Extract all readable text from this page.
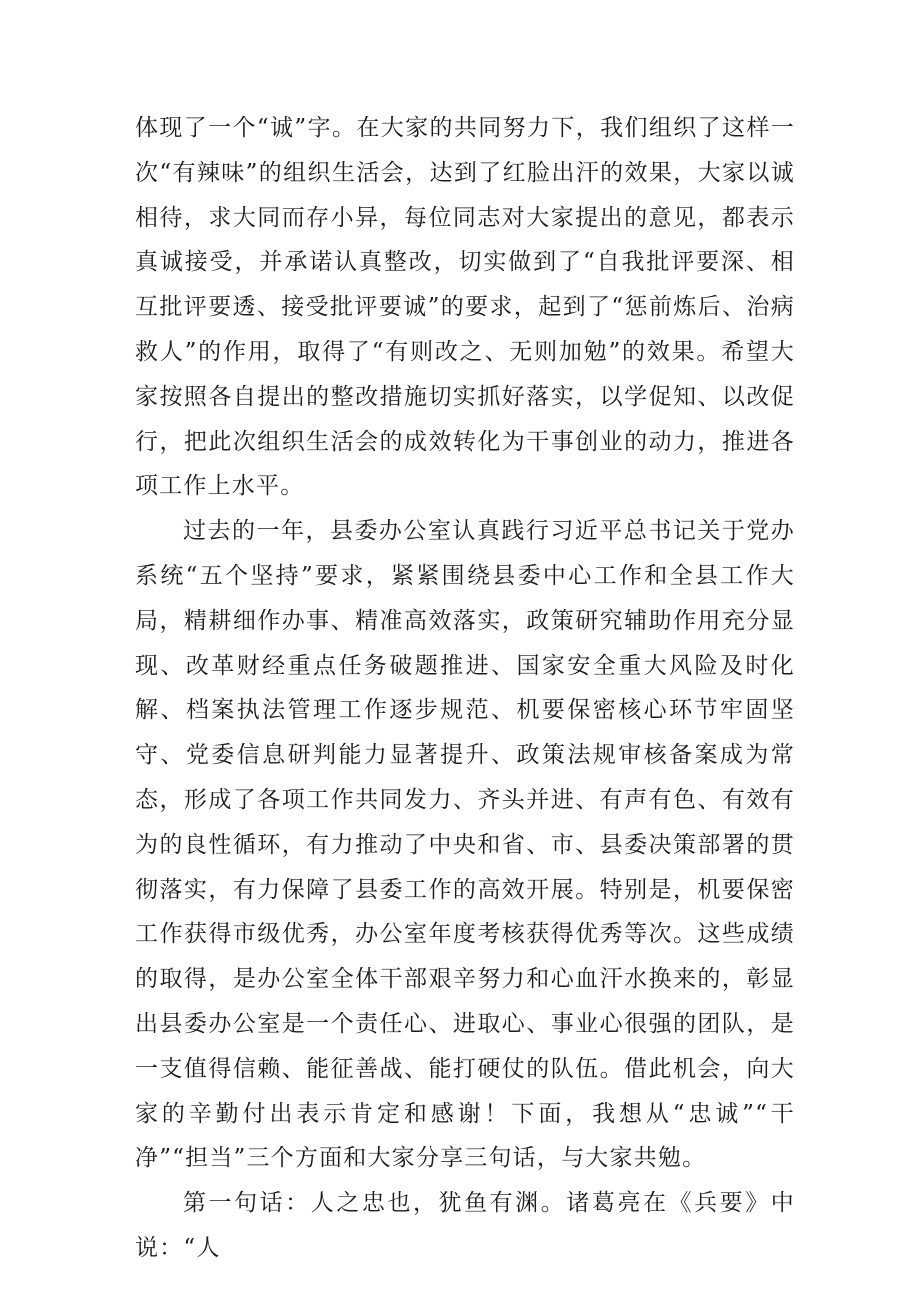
体现了一个“诚”字。在大家的共同努力下，我们组织了这样一次“有辣味”的组织生活会，达到了红脸出汗的效果，大家以诚相待，求大同而存小异，每位同志对大家提出的意见，都表示真诚接受，并承诺认真整改，切实做到了“自我批评要深、相互批评要透、接受批评要诚”的要求，起到了“惩前炼后、治病救人”的作用，取得了“有则改之、无则加勉”的效果。希望大家按照各自提出的整改措施切实抓好落实，以学促知、以改促行，把此次组织生活会的成效转化为干事创业的动力，推进各项工作上水平。

过去的一年，县委办公室认真践行习近平总书记关于党办系统“五个坚持”要求，紧紧围绕县委中心工作和全县工作大局，精耕细作办事、精准高效落实，政策研究辅助作用充分显现、改革财经重点任务破题推进、国家安全重大风险及时化解、档案执法管理工作逐步规范、机要保密核心环节牢固坚守、党委信息研判能力显著提升、政策法规审核备案成为常态，形成了各项工作共同发力、齐头并进、有声有色、有效有为的良性循环，有力推动了中央和省、市、县委决策部署的贯彻落实，有力保障了县委工作的高效开展。特别是，机要保密工作获得市级优秀，办公室年度考核获得优秀等次。这些成绩的取得，是办公室全体干部艰辛努力和心血汗水换来的，彰显出县委办公室是一个责任心、进取心、事业心很强的团队，是一支值得信赖、能征善战、能打硬仗的队伍。借此机会，向大家的辛勤付出表示肯定和感谢！下面，我想从“忠诚”“干净”“担当”三个方面和大家分享三句话，与大家共勉。

第一句话：人之忠也，犹鱼有渊。诸葛亮在《兵要》中说：“人
